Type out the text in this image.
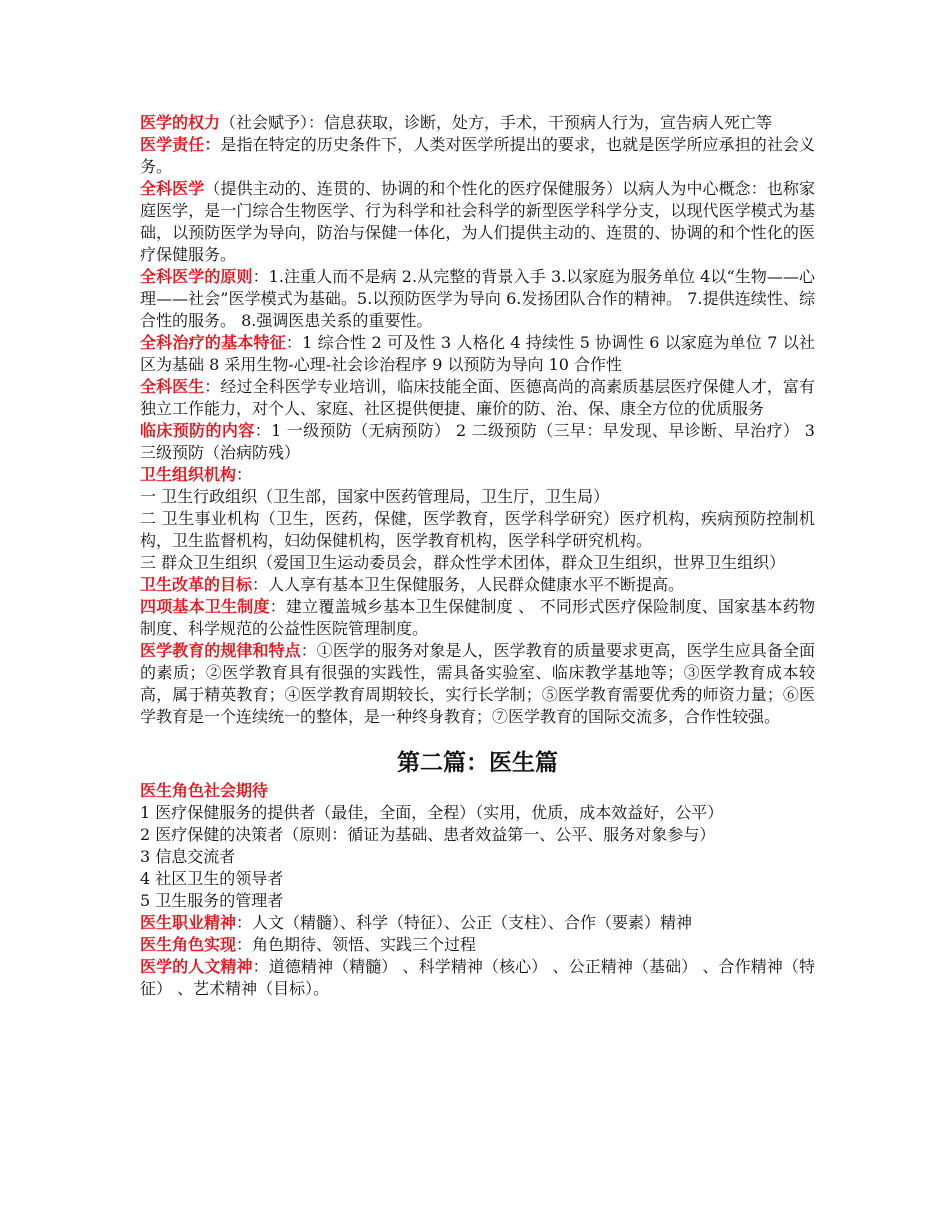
医学的权力（社会赋予）：信息获取，诊断，处方，手术，干预病人行为，宣告病人死亡等

医学责任：是指在特定的历史条件下，人类对医学所提出的要求，也就是医学所应承担的社会义务。

全科医学（提供主动的、连贯的、协调的和个性化的医疗保健服务）以病人为中心概念：也称家庭医学，是一门综合生物医学、行为科学和社会科学的新型医学科学分支，以现代医学模式为基础，以预防医学为导向，防治与保健一体化，为人们提供主动的、连贯的、协调的和个性化的医疗保健服务。

全科医学的原则：1.注重人而不是病 2.从完整的背景入手 3.以家庭为服务单位 4以“生物——心理——社会”医学模式为基础。5.以预防医学为导向 6.发扬团队合作的精神。 7.提供连续性、综合性的服务。 8.强调医患关系的重要性。

全科治疗的基本特征：1 综合性 2 可及性 3 人格化 4 持续性 5 协调性 6 以家庭为单位 7 以社区为基础 8 采用生物-心理-社会诊治程序 9 以预防为导向 10 合作性

全科医生：经过全科医学专业培训，临床技能全面、医德高尚的高素质基层医疗保健人才，富有独立工作能力，对个人、家庭、社区提供便捷、廉价的防、治、保、康全方位的优质服务

临床预防的内容：1 一级预防（无病预防） 2 二级预防（三早：早发现、早诊断、早治疗） 3 三级预防（治病防残）

卫生组织机构：

一 卫生行政组织（卫生部，国家中医药管理局，卫生厅，卫生局）

二 卫生事业机构（卫生，医药，保健，医学教育，医学科学研究）医疗机构，疾病预防控制机构，卫生监督机构，妇幼保健机构，医学教育机构，医学科学研究机构。

三 群众卫生组织（爱国卫生运动委员会，群众性学术团体，群众卫生组织，世界卫生组织）

卫生改革的目标：人人享有基本卫生保健服务，人民群众健康水平不断提高。

四项基本卫生制度：建立覆盖城乡基本卫生保健制度 、 不同形式医疗保险制度、国家基本药物制度、科学规范的公益性医院管理制度。

医学教育的规律和特点：①医学的服务对象是人，医学教育的质量要求更高，医学生应具备全面的素质；②医学教育具有很强的实践性，需具备实验室、临床教学基地等；③医学教育成本较高，属于精英教育；④医学教育周期较长，实行长学制；⑤医学教育需要优秀的师资力量；⑥医学教育是一个连续统一的整体，是一种终身教育；⑦医学教育的国际交流多，合作性较强。

第二篇：医生篇

医生角色社会期待

1 医疗保健服务的提供者（最佳，全面，全程）（实用，优质，成本效益好，公平）

2 医疗保健的决策者（原则：循证为基础、患者效益第一、公平、服务对象参与）

3 信息交流者

4 社区卫生的领导者

5 卫生服务的管理者

医生职业精神：人文（精髓）、科学（特征）、公正（支柱）、合作（要素）精神

医生角色实现：角色期待、领悟、实践三个过程

医学的人文精神：道德精神（精髓） 、科学精神（核心） 、公正精神（基础） 、合作精神（特征） 、艺术精神（目标）。
